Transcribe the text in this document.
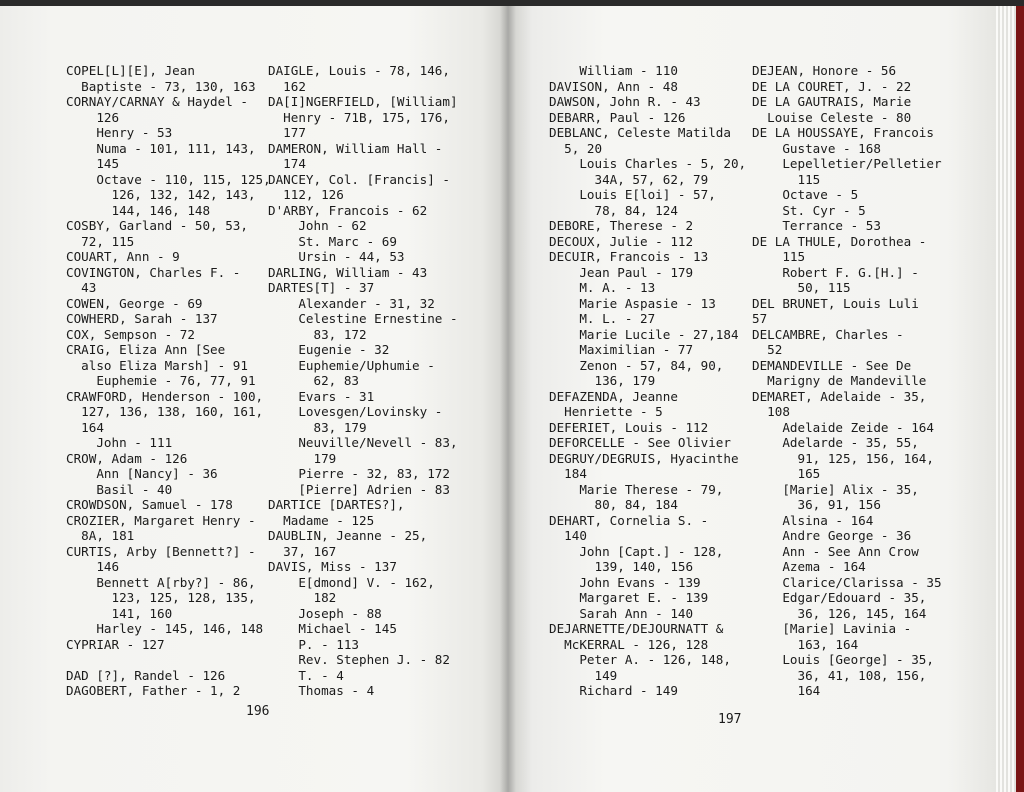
COPEL[L][E], Jean
Baptiste - 73, 130, 163
CORNAY/CARNAY & Haydel -
126
Henry - 53
Numa - 101, 111, 143,
145
Octave - 110, 115, 125,
126, 132, 142, 143,
144, 146, 148
COSBY, Garland - 50, 53,
72, 115
COUART, Ann - 9
COVINGTON, Charles F. -
43
COWEN, George - 69
COWHERD, Sarah - 137
COX, Sempson - 72
CRAIG, Eliza Ann [See
also Eliza Marsh] - 91
Euphemie - 76, 77, 91
CRAWFORD, Henderson - 100,
127, 136, 138, 160, 161,
164
John - 111
CROW, Adam - 126
Ann [Nancy] - 36
Basil - 40
CROWDSON, Samuel - 178
CROZIER, Margaret Henry -
8A, 181
CURTIS, Arby [Bennett?] -
146
Bennett A[rby?] - 86,
123, 125, 128, 135,
141, 160
Harley - 145, 146, 148
CYPRIAR - 127

DAD [?], Randel - 126
DAGOBERT, Father - 1, 2
DAIGLE, Louis - 78, 146,
162
DA[I]NGERFIELD, [William]
Henry - 71B, 175, 176,
177
DAMERON, William Hall -
174
DANCEY, Col. [Francis] -
112, 126
D'ARBY, Francois - 62
John - 62
St. Marc - 69
Ursin - 44, 53
DARLING, William - 43
DARTES[T] - 37
Alexander - 31, 32
Celestine Ernestine -
83, 172
Eugenie - 32
Euphemie/Uphumie -
62, 83
Evars - 31
Lovesgen/Lovinsky -
83, 179
Neuville/Nevell - 83,
179
Pierre - 32, 83, 172
[Pierre] Adrien - 83
DARTICE [DARTES?],
Madame - 125
DAUBLIN, Jeanne - 25,
37, 167
DAVIS, Miss - 137
E[dmond] V. - 162,
182
Joseph - 88
Michael - 145
P. - 113
Rev. Stephen J. - 82
T. - 4
Thomas - 4
William - 110
DAVISON, Ann - 48
DAWSON, John R. - 43
DEBARR, Paul - 126
DEBLANC, Celeste Matilda
5, 20
Louis Charles - 5, 20,
34A, 57, 62, 79
Louis E[loi] - 57,
78, 84, 124
DEBORE, Therese - 2
DECOUX, Julie - 112
DECUIR, Francois - 13
Jean Paul - 179
M. A. - 13
Marie Aspasie - 13
M. L. - 27
Marie Lucile - 27,184
Maximilian - 77
Zenon - 57, 84, 90,
136, 179
DEFAZENDA, Jeanne
Henriette - 5
DEFERIET, Louis - 112
DEFORCELLE - See Olivier
DEGRUY/DEGRUIS, Hyacinthe
184
Marie Therese - 79,
80, 84, 184
DEHART, Cornelia S. -
140
John [Capt.] - 128,
139, 140, 156
John Evans - 139
Margaret E. - 139
Sarah Ann - 140
DEJARNETTE/DEJOURNATT &
McKERRAL - 126, 128
Peter A. - 126, 148,
149
Richard - 149
DEJEAN, Honore - 56
DE LA COURET, J. - 22
DE LA GAUTRAIS, Marie
Louise Celeste - 80
DE LA HOUSSAYE, Francois
Gustave - 168
Lepelletier/Pelletier
115
Octave - 5
St. Cyr - 5
Terrance - 53
DE LA THULE, Dorothea -
115
Robert F. G.[H.] -
50, 115
DEL BRUNET, Louis Luli
57
DELCAMBRE, Charles -
52
DEMANDEVILLE - See De
Marigny de Mandeville
DEMARET, Adelaide - 35,
108
Adelaide Zeide - 164
Adelarde - 35, 55,
91, 125, 156, 164,
165
[Marie] Alix - 35,
36, 91, 156
Alsina - 164
Andre George - 36
Ann - See Ann Crow
Azema - 164
Clarice/Clarissa - 35
Edgar/Edouard - 35,
36, 126, 145, 164
[Marie] Lavinia -
163, 164
Louis [George] - 35,
36, 41, 108, 156,
164
196
197
